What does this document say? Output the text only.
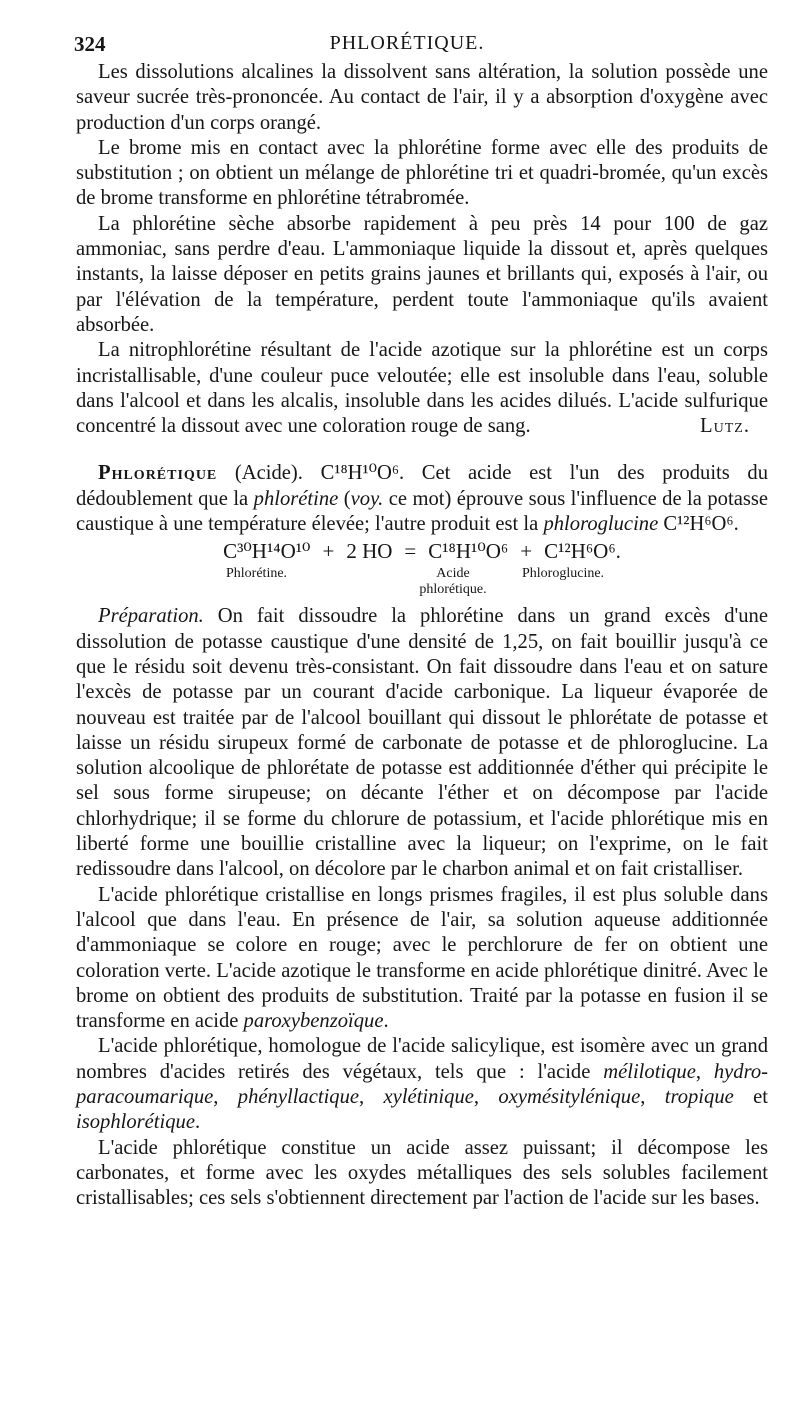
324	PHLORÉTIQUE.

Les dissolutions alcalines la dissolvent sans altération, la solution possède une saveur sucrée très-prononcée. Au contact de l'air, il y a absorption d'oxygène avec production d'un corps orangé.

Le brome mis en contact avec la phlorétine forme avec elle des produits de substitution ; on obtient un mélange de phlorétine tri et quadri-bromée, qu'un excès de brome transforme en phlorétine tétrabromée.

La phlorétine sèche absorbe rapidement à peu près 14 pour 100 de gaz ammoniac, sans perdre d'eau. L'ammoniaque liquide la dissout et, après quelques instants, la laisse déposer en petits grains jaunes et brillants qui, exposés à l'air, ou par l'élévation de la température, perdent toute l'ammoniaque qu'ils avaient absorbée.

La nitrophlorétine résultant de l'acide azotique sur la phlorétine est un corps incristallisable, d'une couleur puce veloutée; elle est insoluble dans l'eau, soluble dans l'alcool et dans les alcalis, insoluble dans les acides dilués. L'acide sulfurique concentré la dissout avec une coloration rouge de sang.	Lutz.

Phlorétique (Acide). C¹⁸H¹⁰O⁶. Cet acide est l'un des produits du dédoublement que la phlorétine (voy. ce mot) éprouve sous l'influence de la potasse caustique à une température élevée; l'autre produit est la phloroglucine C¹²H⁶O⁶.

C³⁰H¹⁴O¹⁰ + 2 HO = C¹⁸H¹⁰O⁶ + C¹²H⁶O⁶.
Phlorétine.	Acide
phlorétique.
Phloroglucine.

Préparation. On fait dissoudre la phlorétine dans un grand excès d'une dissolution de potasse caustique d'une densité de 1,25, on fait bouillir jusqu'à ce que le résidu soit devenu très-consistant. On fait dissoudre dans l'eau et on sature l'excès de potasse par un courant d'acide carbonique. La liqueur évaporée de nouveau est traitée par de l'alcool bouillant qui dissout le phlorétate de potasse et laisse un résidu sirupeux formé de carbonate de potasse et de phloroglucine. La solution alcoolique de phlorétate de potasse est additionnée d'éther qui précipite le sel sous forme sirupeuse; on décante l'éther et on décompose par l'acide chlorhydrique; il se forme du chlorure de potassium, et l'acide phlorétique mis en liberté forme une bouillie cristalline avec la liqueur; on l'exprime, on le fait redissoudre dans l'alcool, on décolore par le charbon animal et on fait cristalliser.

L'acide phlorétique cristallise en longs prismes fragiles, il est plus soluble dans l'alcool que dans l'eau. En présence de l'air, sa solution aqueuse additionnée d'ammoniaque se colore en rouge; avec le perchlorure de fer on obtient une coloration verte. L'acide azotique le transforme en acide phlorétique dinitré. Avec le brome on obtient des produits de substitution. Traité par la potasse en fusion il se transforme en acide paroxybenzoïque.

L'acide phlorétique, homologue de l'acide salicylique, est isomère avec un grand nombres d'acides retirés des végétaux, tels que : l'acide mélilotique, hydro-paracoumarique, phényllactique, xylétinique, oxymésitylénique, tropique et isophlorétique.

L'acide phlorétique constitue un acide assez puissant; il décompose les carbonates, et forme avec les oxydes métalliques des sels solubles facilement cristallisables; ces sels s'obtiennent directement par l'action de l'acide sur les bases.
